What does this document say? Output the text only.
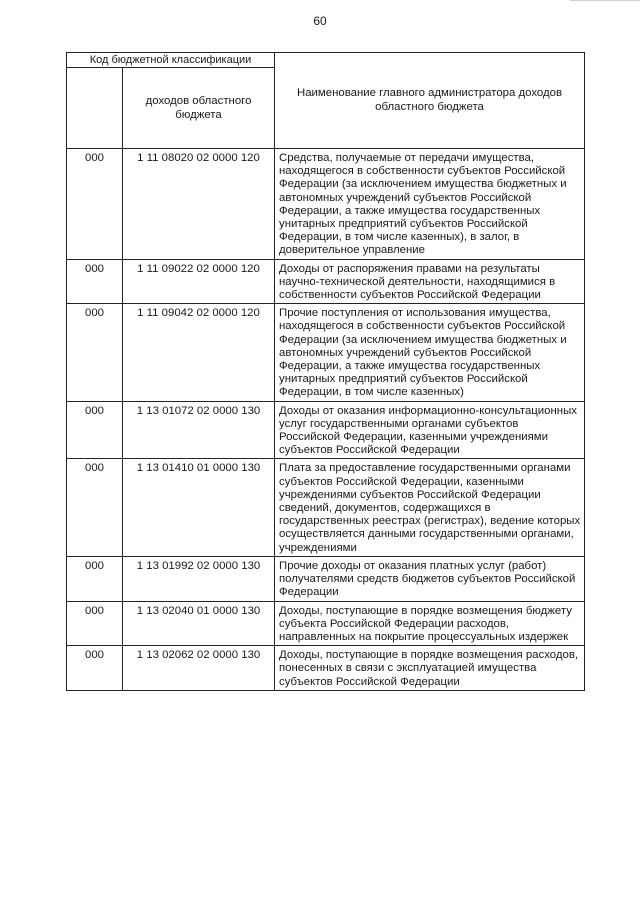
60
Код бюджетной классификации		Наименование главного администратора доходов областного бюджета
	доходов областного бюджета	
000	1 11 08020 02 0000 120	Средства, получаемые от передачи имущества, находящегося в собственности субъектов Российской Федерации (за исключением имущества бюджетных и автономных учреждений субъектов Российской Федерации, а также имущества государственных унитарных предприятий субъектов Российской Федерации, в том числе казенных), в залог, в доверительное управление
000	1 11 09022 02 0000 120	Доходы от распоряжения правами на результаты научно-технической деятельности, находящимися в собственности субъектов Российской Федерации
000	1 11 09042 02 0000 120	Прочие поступления от использования имущества, находящегося в собственности субъектов Российской Федерации (за исключением имущества бюджетных и автономных учреждений субъектов Российской Федерации, а также имущества государственных унитарных предприятий субъектов Российской Федерации, в том числе казенных)
000	1 13 01072 02 0000 130	Доходы от оказания информационно-консультационных услуг государственными органами субъектов Российской Федерации, казенными учреждениями субъектов Российской Федерации
000	1 13 01410 01 0000 130	Плата за предоставление государственными органами субъектов Российской Федерации, казенными учреждениями субъектов Российской Федерации сведений, документов, содержащихся в государственных реестрах (регистрах), ведение которых осуществляется данными государственными органами, учреждениями
000	1 13 01992 02 0000 130	Прочие доходы от оказания платных услуг (работ) получателями средств бюджетов субъектов Российской Федерации
000	1 13 02040 01 0000 130	Доходы, поступающие в порядке возмещения бюджету субъекта Российской Федерации расходов, направленных на покрытие процессуальных издержек
000	1 13 02062 02 0000 130	Доходы, поступающие в порядке возмещения расходов, понесенных в связи с эксплуатацией имущества субъектов Российской Федерации
